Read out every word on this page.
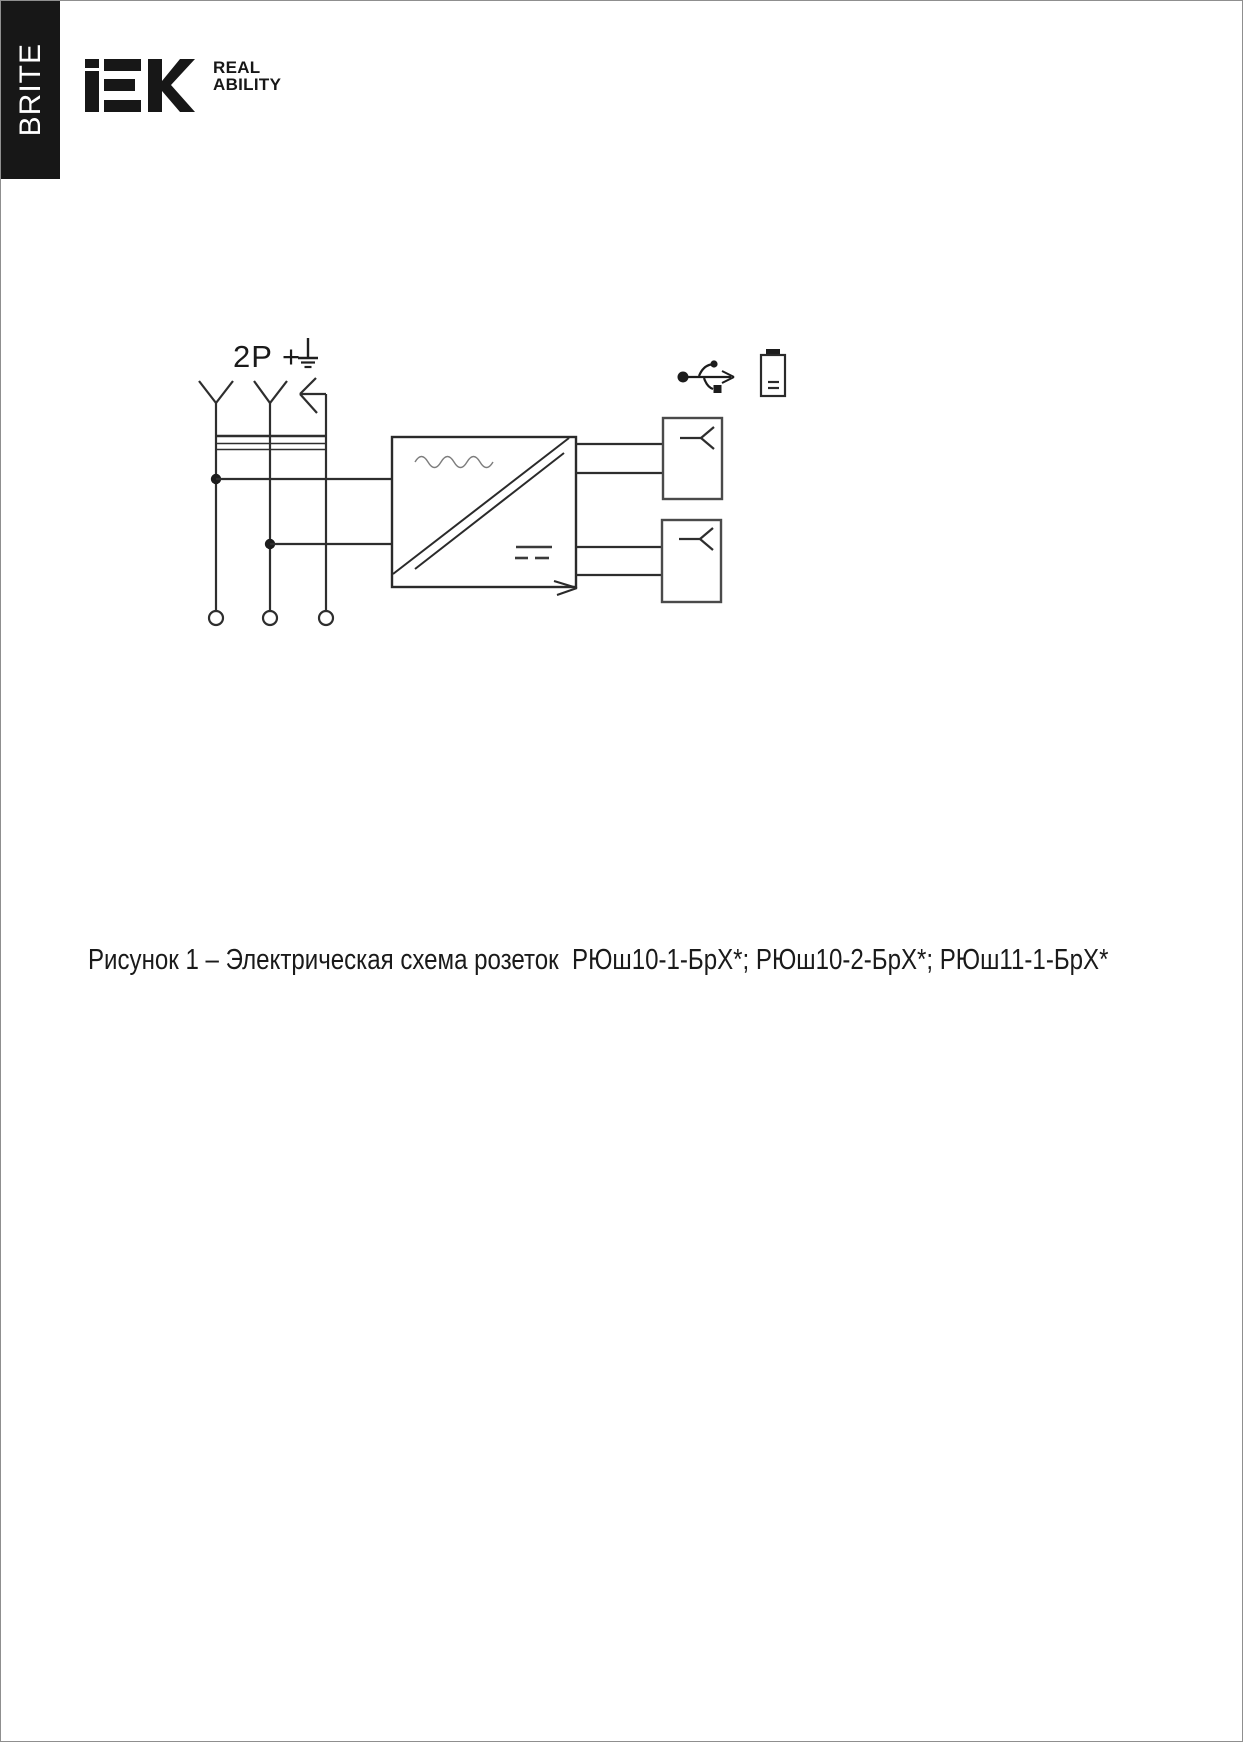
BRITE	REAL
ABILITY
2P +
Рисунок 1 – Электрическая схема розеток  РЮш10-1-БрХ*; РЮш10-2-БрХ*; РЮш11-1-БрХ*
